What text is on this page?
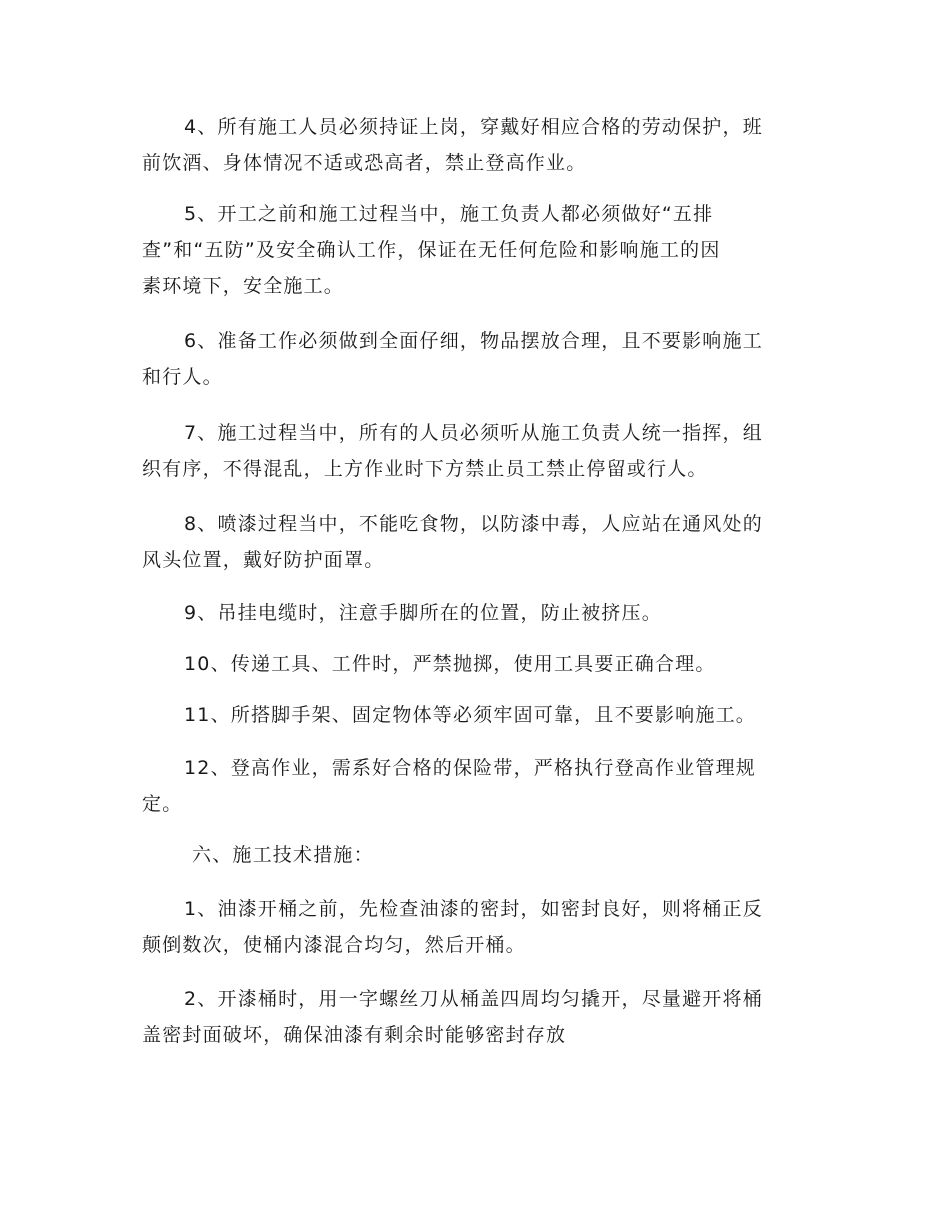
4、所有施工人员必须持证上岗，穿戴好相应合格的劳动保护，班
前饮酒、身体情况不适或恐高者，禁止登高作业。

5、开工之前和施工过程当中，施工负责人都必须做好“五排
查”和“五防”及安全确认工作，保证在无任何危险和影响施工的因
素环境下，安全施工。

6、准备工作必须做到全面仔细，物品摆放合理，且不要影响施工
和行人。

7、施工过程当中，所有的人员必须听从施工负责人统一指挥，组
织有序，不得混乱，上方作业时下方禁止员工禁止停留或行人。

8、喷漆过程当中，不能吃食物，以防漆中毒，人应站在通风处的
风头位置，戴好防护面罩。

9、吊挂电缆时，注意手脚所在的位置，防止被挤压。

10、传递工具、工件时，严禁抛掷，使用工具要正确合理。

11、所搭脚手架、固定物体等必须牢固可靠，且不要影响施工。

12、登高作业，需系好合格的保险带，严格执行登高作业管理规
定。

六、施工技术措施：

1、油漆开桶之前，先检查油漆的密封，如密封良好，则将桶正反
颠倒数次，使桶内漆混合均匀，然后开桶。

2、开漆桶时，用一字螺丝刀从桶盖四周均匀撬开，尽量避开将桶
盖密封面破坏，确保油漆有剩余时能够密封存放
